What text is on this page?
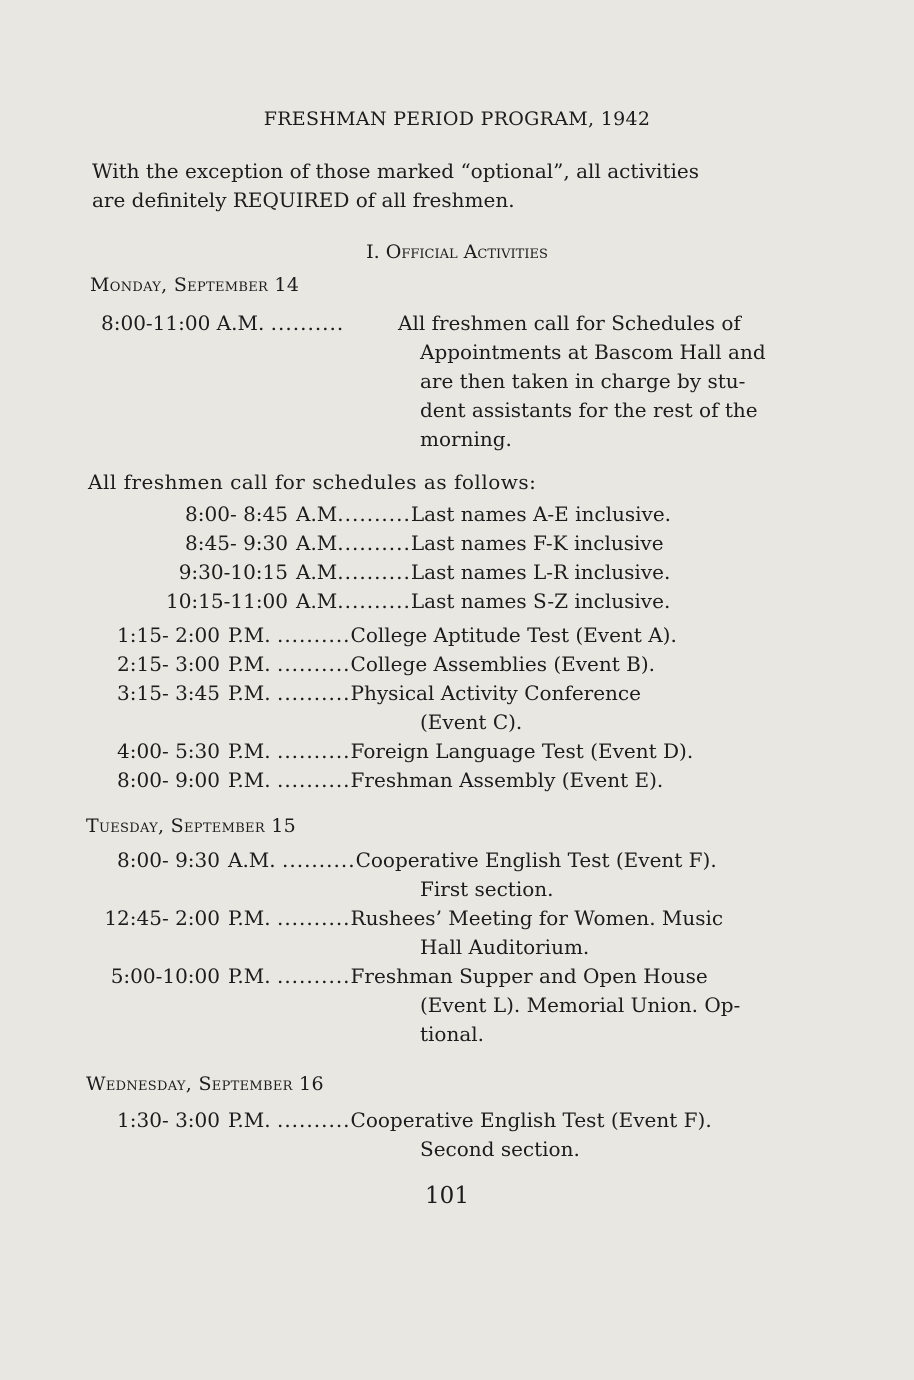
FRESHMAN PERIOD PROGRAM, 1942

With the exception of those marked “optional”, all activities

are definitely REQUIRED of all freshmen.

I. Official Activities
Monday, September 14
8:00-11:00 A.M. ..........	All freshmen call for Schedules of
Appointments at Bascom Hall and
are then taken in charge by stu-
dent assistants for the rest of the
morning.
All freshmen call for schedules as follows:
8:00- 8:45 A.M..........Last names A-E inclusive.
8:45- 9:30 A.M..........Last names F-K inclusive
9:30-10:15 A.M..........Last names L-R inclusive.
10:15-11:00 A.M..........Last names S-Z inclusive.
1:15- 2:00 P.M. ..........College Aptitude Test (Event A).
2:15- 3:00 P.M. ..........College Assemblies (Event B).
3:15- 3:45 P.M. ..........Physical Activity Conference
(Event C).
4:00- 5:30 P.M. ..........Foreign Language Test (Event D).
8:00- 9:00 P.M. ..........Freshman Assembly (Event E).
Tuesday, September 15
8:00- 9:30 A.M. ..........Cooperative English Test (Event F).
First section.
12:45- 2:00 P.M. ..........Rushees’ Meeting for Women. Music
Hall Auditorium.
5:00-10:00 P.M. ..........Freshman Supper and Open House
(Event L). Memorial Union. Op-
tional.
Wednesday, September 16
1:30- 3:00 P.M. ..........Cooperative English Test (Event F).
Second section.
101
